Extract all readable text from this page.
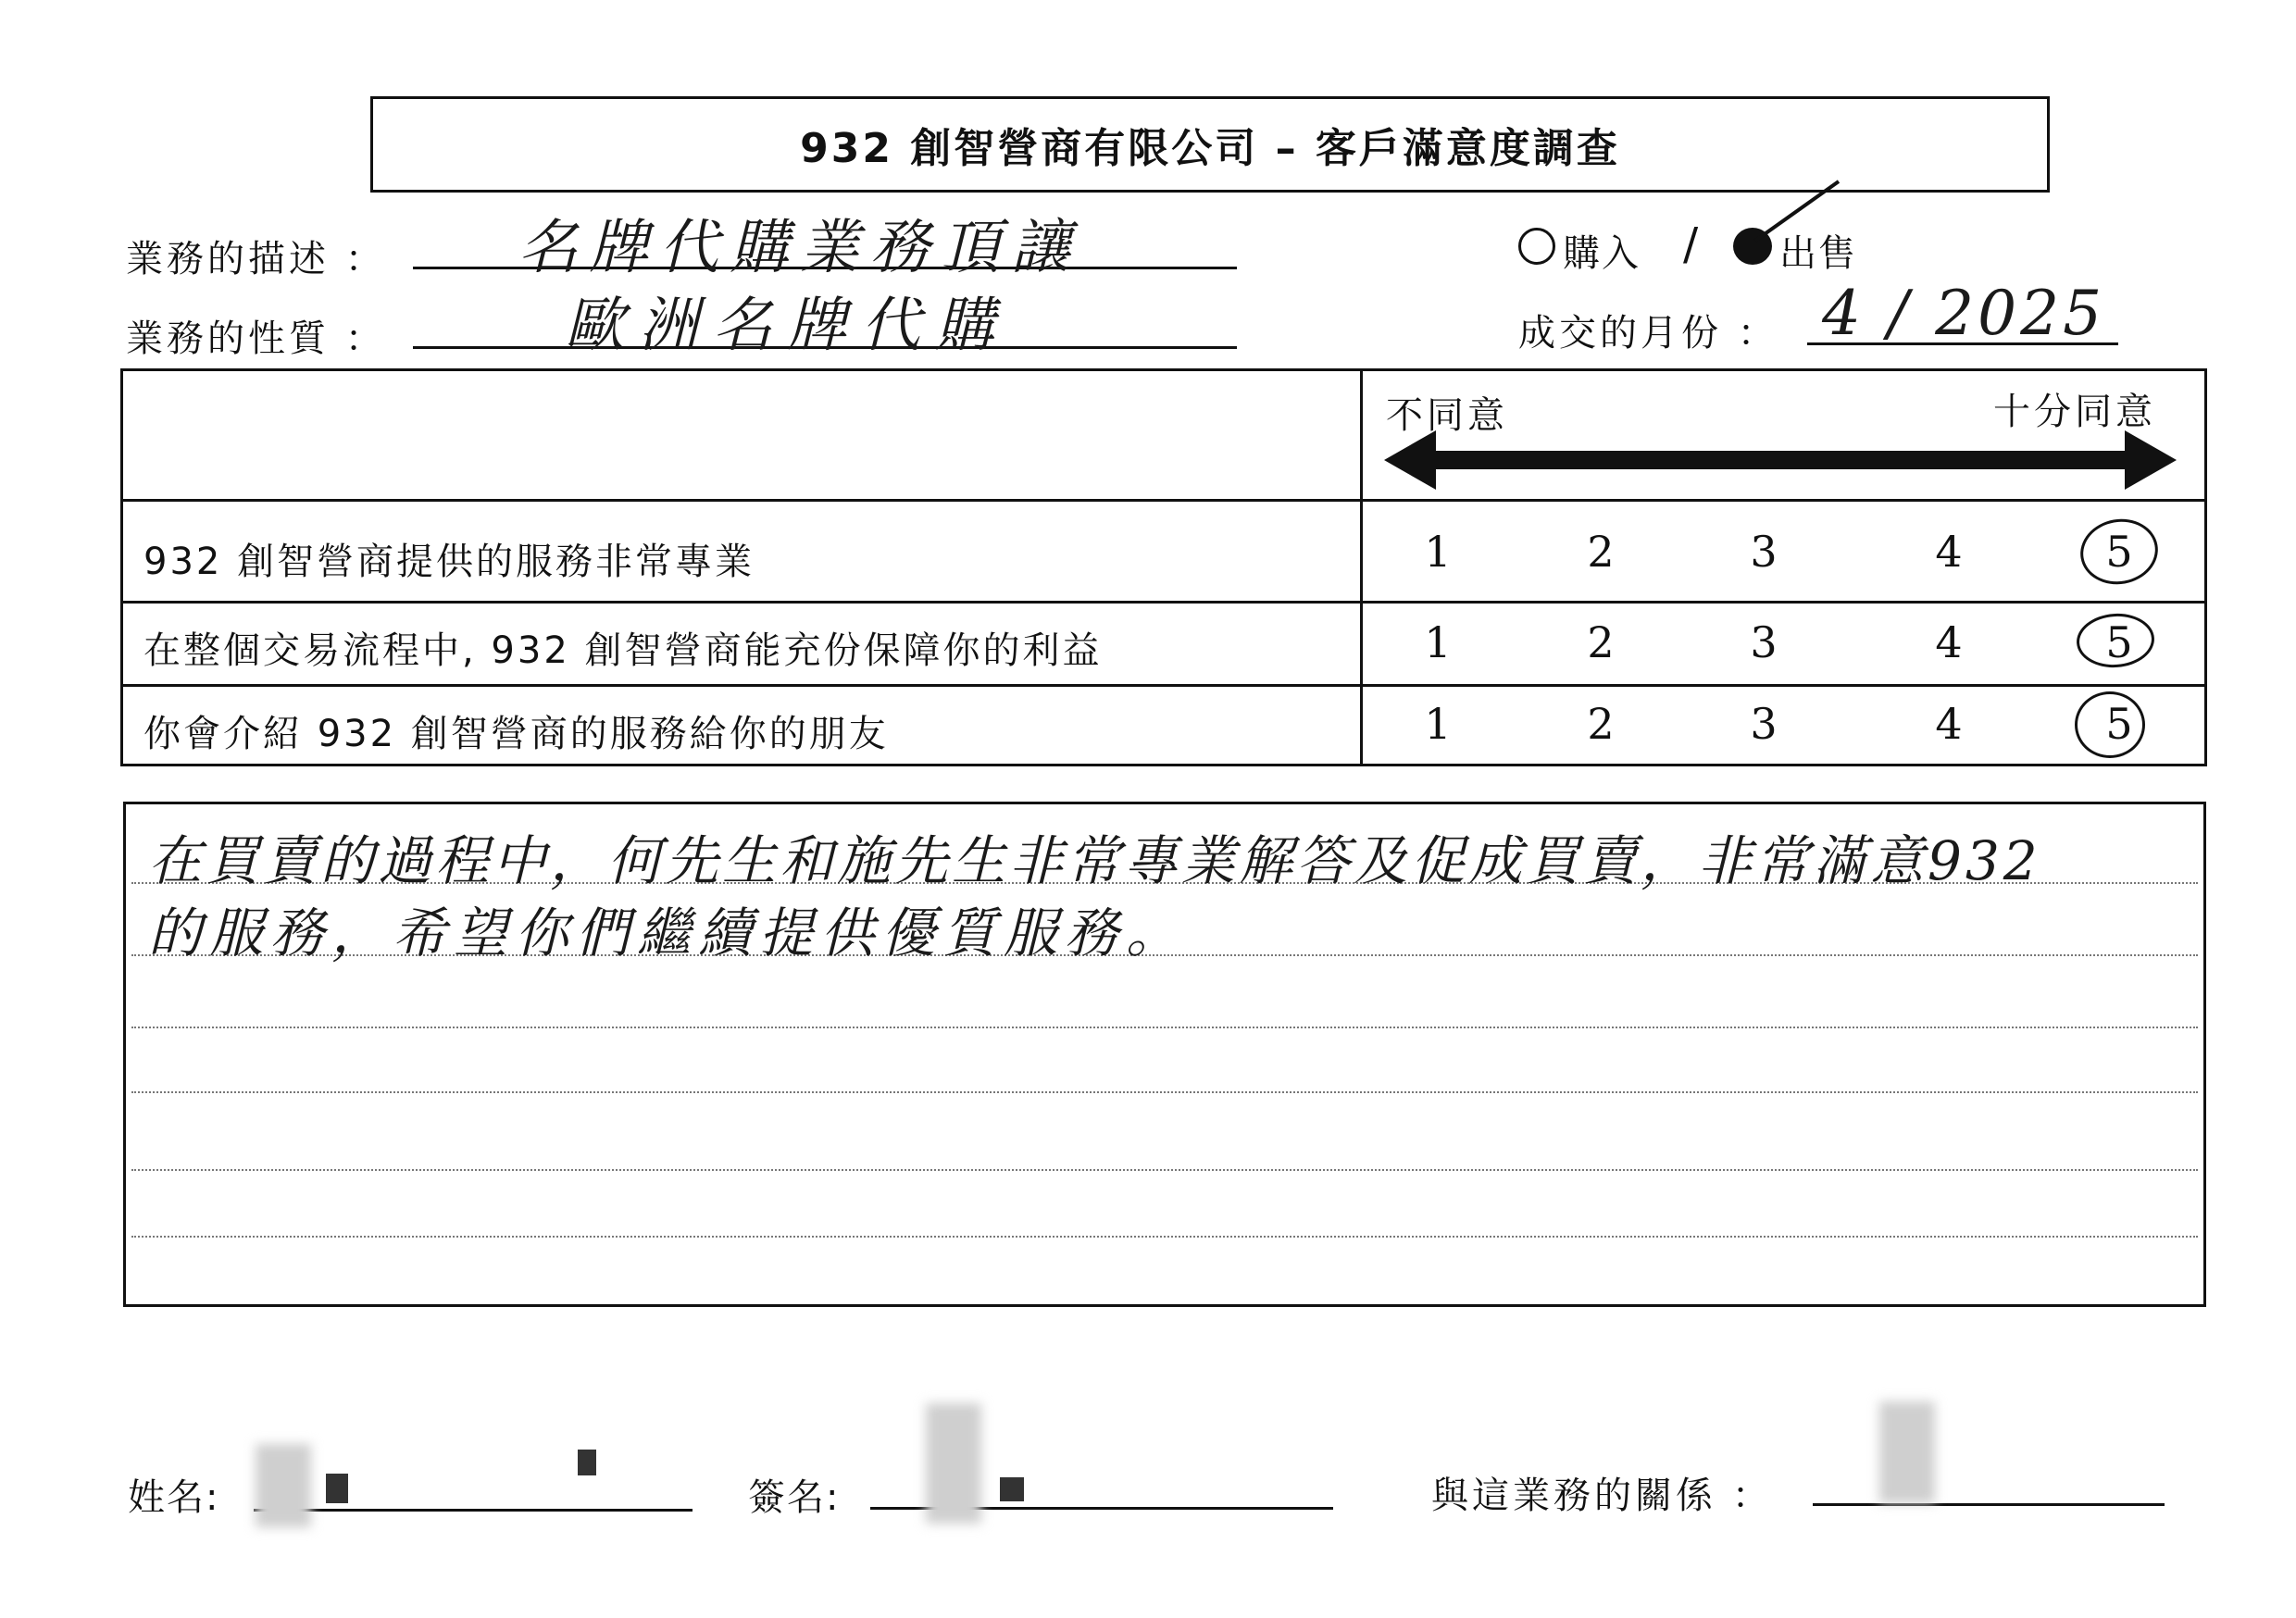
932 創智營商有限公司 – 客戶滿意度調查
業務的描述 ： 名牌代購業務頂讓
業務的性質 ：	歐洲名牌代購
購入 / 出售
成交的月份 ： 4 / 2025
不同意	十分同意
932 創智營商提供的服務非常專業	1	2	3	4	5
在整個交易流程中, 932 創智營商能充份保障你的利益	1	2	3	4	5
你會介紹 932 創智營商的服務給你的朋友	1	2	3	4	5
在買賣的過程中，何先生和施先生非常專業解答及促成買賣，非常滿意932
的服務，希望你們繼續提供優質服務。
姓名:	簽名:	與這業務的關係 ：
